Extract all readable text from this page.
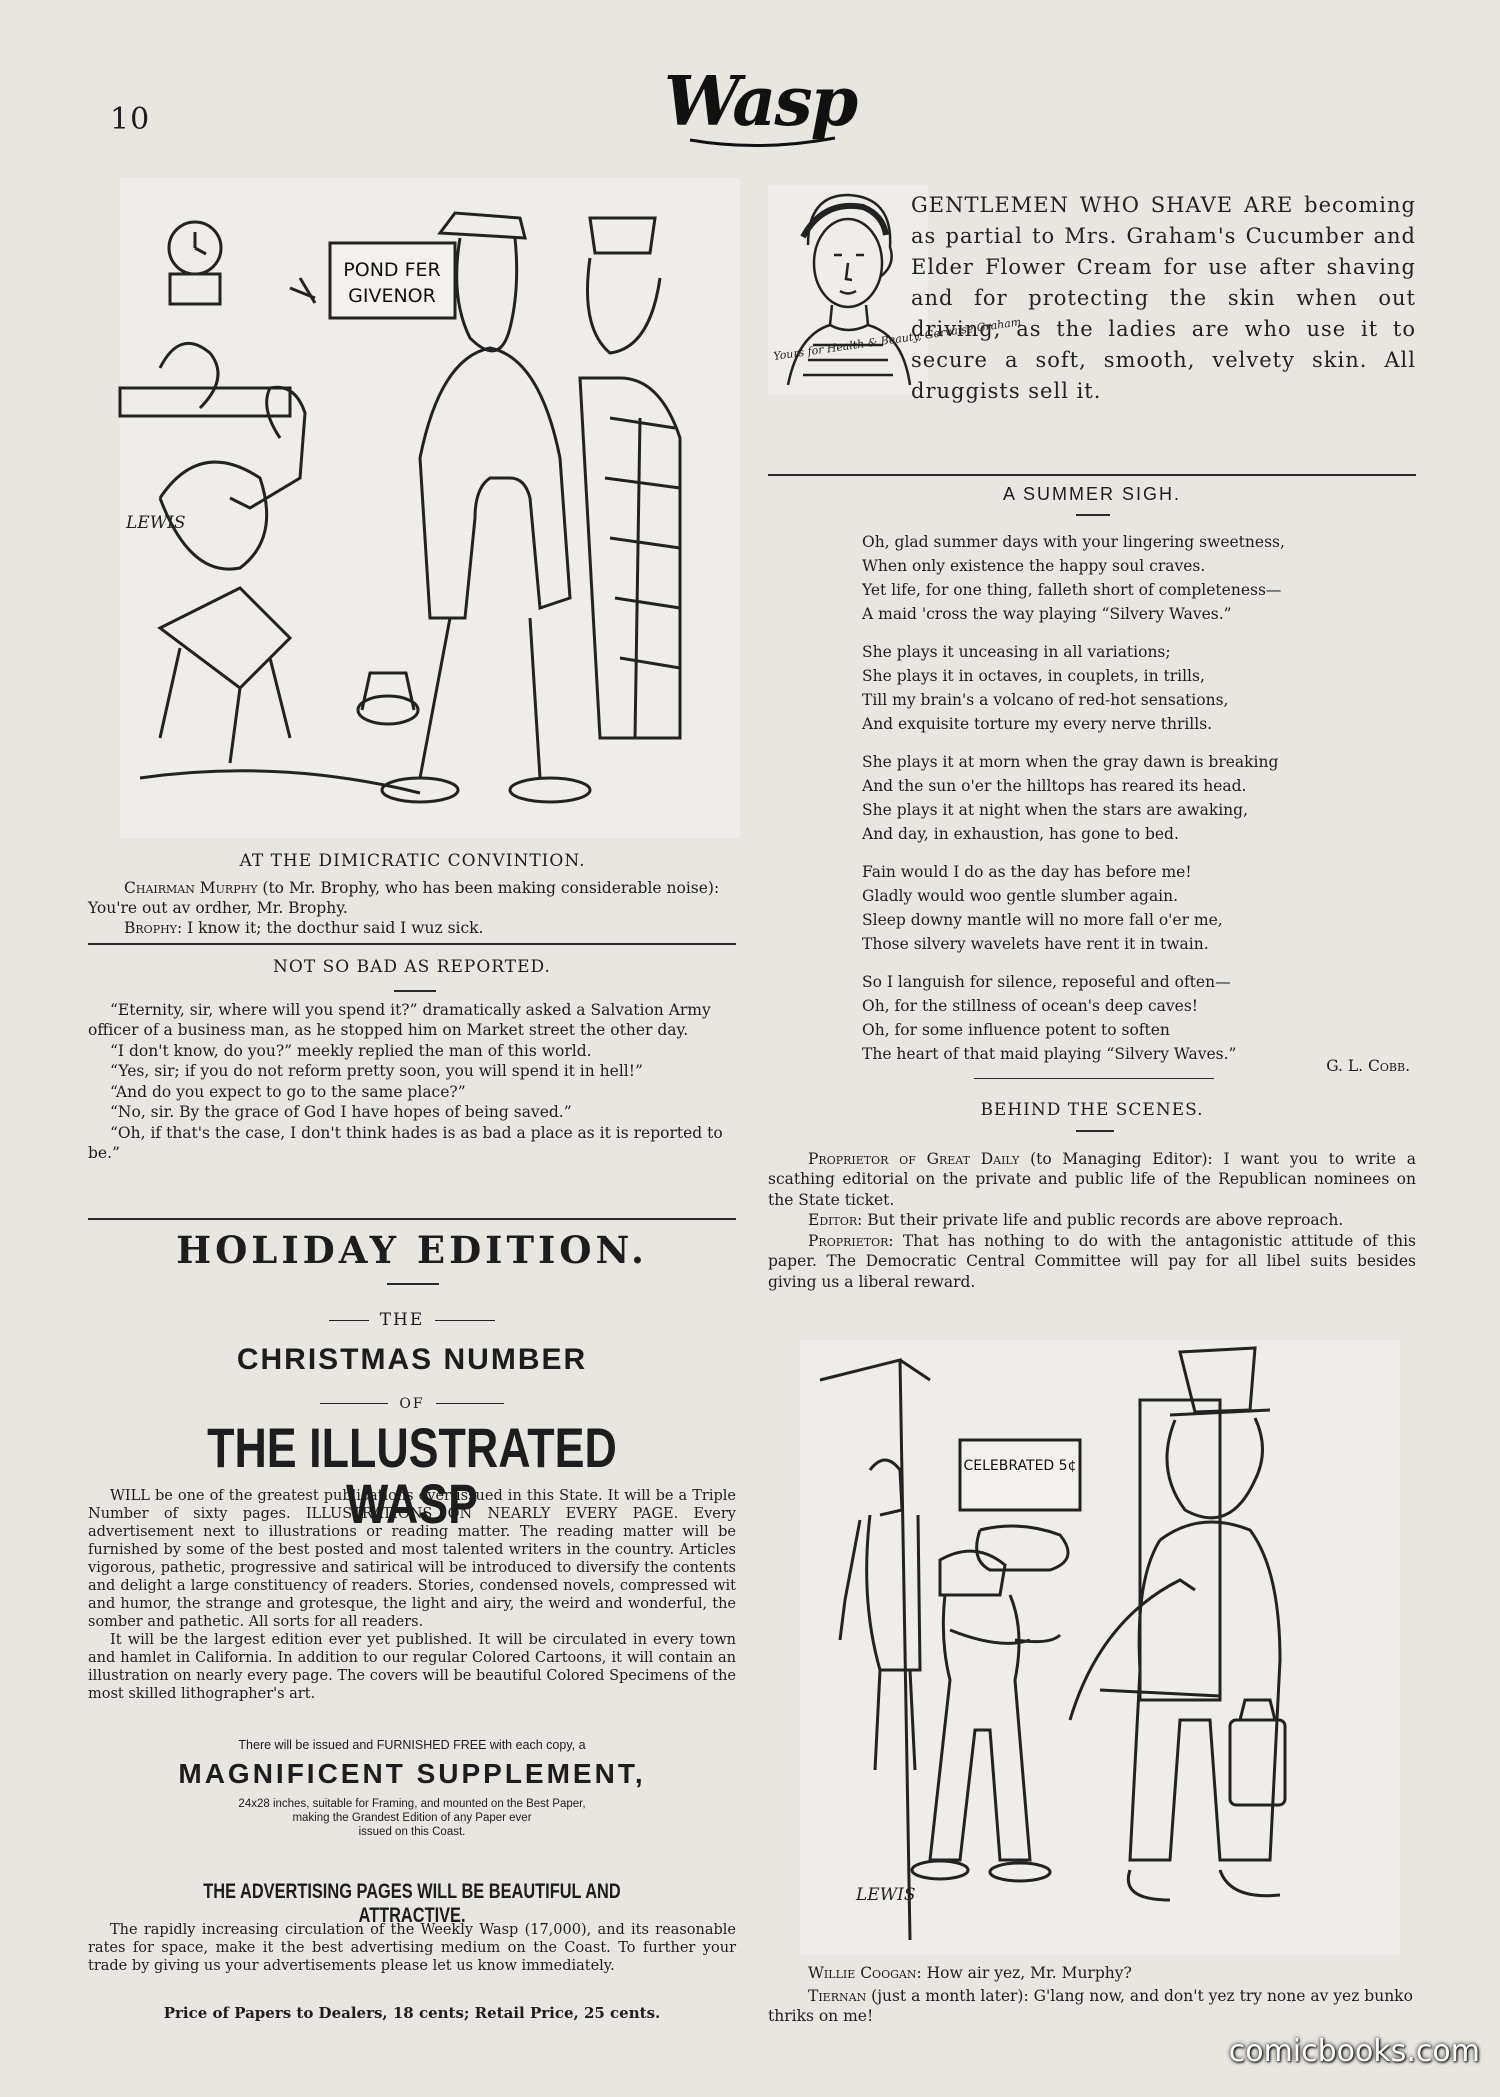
10	Wasp
POND FER
GIVENOR
LEWIS
AT THE DIMICRATIC CONVINTION.
Chairman Murphy (to Mr. Brophy, who has been making considerable noise): You're out av ordher, Mr. Brophy.
Brophy: I know it; the docthur said I wuz sick.
NOT SO BAD AS REPORTED.

“Eternity, sir, where will you spend it?” dramatically asked a Salvation Army officer of a business man, as he stopped him on Market street the other day.

“I don't know, do you?” meekly replied the man of this world.

“Yes, sir; if you do not reform pretty soon, you will spend it in hell!”

“And do you expect to go to the same place?”

“No, sir. By the grace of God I have hopes of being saved.”

“Oh, if that's the case, I don't think hades is as bad a place as it is reported to be.”

HOLIDAY EDITION.
THE
CHRISTMAS NUMBER
OF
THE ILLUSTRATED WASP

WILL be one of the greatest publications ever issued in this State. It will be a Triple Number of sixty pages. ILLUSTRATIONS ON NEARLY EVERY PAGE. Every advertisement next to illustrations or reading matter. The reading matter will be furnished by some of the best posted and most talented writers in the country. Articles vigorous, pathetic, progressive and satirical will be introduced to diversify the contents and delight a large constituency of readers. Stories, condensed novels, compressed wit and humor, the strange and grotesque, the light and airy, the weird and wonderful, the somber and pathetic. All sorts for all readers.

It will be the largest edition ever yet published. It will be circulated in every town and hamlet in California. In addition to our regular Colored Cartoons, it will contain an illustration on nearly every page. The covers will be beautiful Colored Specimens of the most skilled lithographer's art.

There will be issued and FURNISHED FREE with each copy, a
MAGNIFICENT SUPPLEMENT,
24x28 inches, suitable for Framing, and mounted on the Best Paper,
making the Grandest Edition of any Paper ever
issued on this Coast.
THE ADVERTISING PAGES WILL BE BEAUTIFUL AND ATTRACTIVE.

The rapidly increasing circulation of the Weekly Wasp (17,000), and its reasonable rates for space, make it the best advertising medium on the Coast. To further your trade by giving us your advertisements please let us know immediately.

Price of Papers to Dealers, 18 cents; Retail Price, 25 cents.
Yours for Health & Beauty, Gervaise Graham
GENTLEMEN WHO SHAVE ARE becoming as partial to Mrs. Graham's Cucumber and Elder Flower Cream for use after shaving and for protecting the skin when out driving, as the ladies are who use it to secure a soft, smooth, velvety skin. All druggists sell it.
A SUMMER SIGH.

Oh, glad summer days with your lingering sweetness,
When only existence the happy soul craves.
Yet life, for one thing, falleth short of completeness—
A maid 'cross the way playing “Silvery Waves.”

She plays it unceasing in all variations;
She plays it in octaves, in couplets, in trills,
Till my brain's a volcano of red-hot sensations,
And exquisite torture my every nerve thrills.

She plays it at morn when the gray dawn is breaking
And the sun o'er the hilltops has reared its head.
She plays it at night when the stars are awaking,
And day, in exhaustion, has gone to bed.

Fain would I do as the day has before me!
Gladly would woo gentle slumber again.
Sleep downy mantle will no more fall o'er me,
Those silvery wavelets have rent it in twain.

So I languish for silence, reposeful and often—
Oh, for the stillness of ocean's deep caves!
Oh, for some influence potent to soften
The heart of that maid playing “Silvery Waves.”

G. L. Cobb.
BEHIND THE SCENES.

Proprietor of Great Daily (to Managing Editor): I want you to write a scathing editorial on the private and public life of the Republican nominees on the State ticket.

Editor: But their private life and public records are above reproach.

Proprietor: That has nothing to do with the antagonistic attitude of this paper. The Democratic Central Committee will pay for all libel suits besides giving us a liberal reward.

CELEBRATED 5¢
LEWIS
Willie Coogan: How air yez, Mr. Murphy?
Tiernan (just a month later): G'lang now, and don't yez try none av yez bunko thriks on me!
comicbooks.com
